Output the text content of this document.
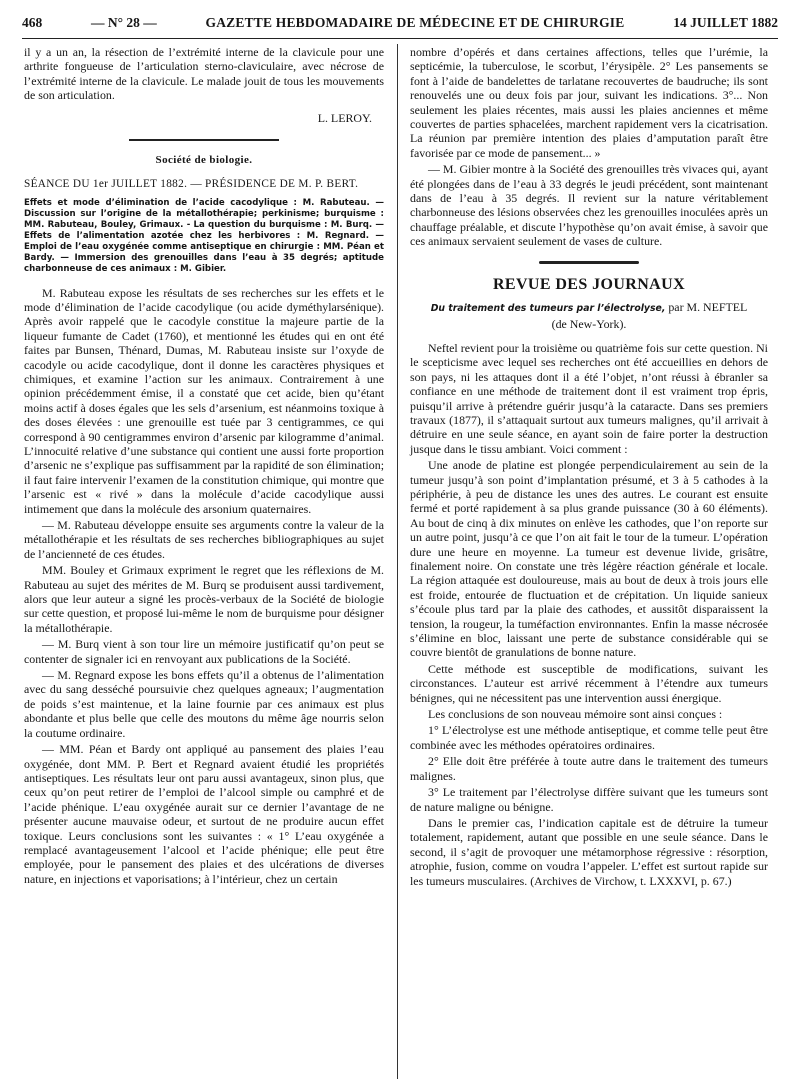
468	— N° 28 —	GAZETTE HEBDOMADAIRE DE MÉDECINE ET DE CHIRURGIE	14 JUILLET 1882

il y a un an, la résection de l’extrémité interne de la clavicule pour une arthrite fongueuse de l’articulation sterno-claviculaire, avec nécrose de l’extrémité interne de la clavicule. Le malade jouit de tous les mouvements de son articulation.

L. LEROY.

Société de biologie.

SÉANCE DU 1er JUILLET 1882. — PRÉSIDENCE DE M. P. BERT.

Effets et mode d’élimination de l’acide cacodylique : M. Rabuteau. — Discussion sur l’origine de la métallothérapie; perkinisme; burquisme : MM. Rabuteau, Bouley, Grimaux. - La question du burquisme : M. Burq. — Effets de l’alimentation azotée chez les herbivores : M. Regnard. — Emploi de l’eau oxygénée comme antiseptique en chirurgie : MM. Péan et Bardy. — Immersion des grenouilles dans l’eau à 35 degrés; aptitude charbonneuse de ces animaux : M. Gibier.

M. Rabuteau expose les résultats de ses recherches sur les effets et le mode d’élimination de l’acide cacodylique (ou acide dyméthylarsénique). Après avoir rappelé que le cacodyle constitue la majeure partie de la liqueur fumante de Cadet (1760), et mentionné les études qui en ont été faites par Bunsen, Thénard, Dumas, M. Rabuteau insiste sur l’oxyde de cacodyle ou acide cacodylique, dont il donne les caractères physiques et chimiques, et examine l’action sur les animaux. Contrairement à une opinion précédemment émise, il a constaté que cet acide, bien qu’étant moins actif à doses égales que les sels d’arsenium, est néanmoins toxique à des doses élevées : une grenouille est tuée par 3 centigrammes, ce qui correspond à 90 centigrammes environ d’arsenic par kilogramme d’animal. L’innocuité relative d’une substance qui contient une aussi forte proportion d’arsenic ne s’explique pas suffisamment par la rapidité de son élimination; il faut faire intervenir l’examen de la constitution chimique, qui montre que l’arsenic est « rivé » dans la molécule d’acide cacodylique aussi intimement que dans la molécule des arsonium quaternaires.

— M. Rabuteau développe ensuite ses arguments contre la valeur de la métallothérapie et les résultats de ses recherches bibliographiques au sujet de l’ancienneté de ces études.

MM. Bouley et Grimaux expriment le regret que les réflexions de M. Rabuteau au sujet des mérites de M. Burq se produisent aussi tardivement, alors que leur auteur a signé les procès-verbaux de la Société de biologie sur cette question, et proposé lui-même le nom de burquisme pour désigner la métallothérapie.

— M. Burq vient à son tour lire un mémoire justificatif qu’on peut se contenter de signaler ici en renvoyant aux publications de la Société.

— M. Regnard expose les bons effets qu’il a obtenus de l’alimentation avec du sang desséché poursuivie chez quelques agneaux; l’augmentation de poids s’est maintenue, et la laine fournie par ces animaux est plus abondante et plus belle que celle des moutons du même âge nourris selon la coutume ordinaire.

— MM. Péan et Bardy ont appliqué au pansement des plaies l’eau oxygénée, dont MM. P. Bert et Regnard avaient étudié les propriétés antiseptiques. Les résultats leur ont paru aussi avantageux, sinon plus, que ceux qu’on peut retirer de l’emploi de l’alcool simple ou camphré et de l’acide phénique. L’eau oxygénée aurait sur ce dernier l’avantage de ne présenter aucune mauvaise odeur, et surtout de ne produire aucun effet toxique. Leurs conclusions sont les suivantes : « 1° L’eau oxygénée a remplacé avantageusement l’alcool et l’acide phénique; elle peut être employée, pour le pansement des plaies et des ulcérations de diverses nature, en injections et vaporisations; à l’intérieur, chez un certain

nombre d’opérés et dans certaines affections, telles que l’urémie, la septicémie, la tuberculose, le scorbut, l’érysipèle. 2° Les pansements se font à l’aide de bandelettes de tarlatane recouvertes de baudruche; ils sont renouvelés une ou deux fois par jour, suivant les indications. 3°... Non seulement les plaies récentes, mais aussi les plaies anciennes et même couvertes de parties sphacelées, marchent rapidement vers la cicatrisation. La réunion par première intention des plaies d’amputation paraît être favorisée par ce mode de pansement... »

— M. Gibier montre à la Société des grenouilles très vivaces qui, ayant été plongées dans de l’eau à 33 degrés le jeudi précédent, sont maintenant dans de l’eau à 35 degrés. Il revient sur la nature véritablement charbonneuse des lésions observées chez les grenouilles inoculées après un chauffage préalable, et discute l’hypothèse qu’on avait émise, à savoir que ces animaux servaient seulement de vases de culture.

REVUE DES JOURNAUX

Du traitement des tumeurs par l’électrolyse, par M. NEFTEL
(de New-York).

Neftel revient pour la troisième ou quatrième fois sur cette question. Ni le scepticisme avec lequel ses recherches ont été accueillies en dehors de son pays, ni les attaques dont il a été l’objet, n’ont réussi à ébranler sa confiance en une méthode de traitement dont il est vraiment trop épris, puisqu’il arrive à prétendre guérir jusqu’à la cataracte. Dans ses premiers travaux (1877), il s’attaquait surtout aux tumeurs malignes, qu’il arrivait à détruire en une seule séance, en ayant soin de faire porter la destruction jusque dans le tissu ambiant. Voici comment :

Une anode de platine est plongée perpendiculairement au sein de la tumeur jusqu’à son point d’implantation présumé, et 3 à 5 cathodes à la périphérie, à peu de distance les unes des autres. Le courant est ensuite fermé et porté rapidement à sa plus grande puissance (30 à 60 éléments). Au bout de cinq à dix minutes on enlève les cathodes, que l’on reporte sur un autre point, jusqu’à ce que l’on ait fait le tour de la tumeur. L’opération dure une heure en moyenne. La tumeur est devenue livide, grisâtre, finalement noire. On constate une très légère réaction générale et locale. La région attaquée est douloureuse, mais au bout de deux à trois jours elle est froide, entourée de fluctuation et de crépitation. Un liquide sanieux s’écoule plus tard par la plaie des cathodes, et aussitôt disparaissent la tension, la rougeur, la tuméfaction environnantes. Enfin la masse nécrosée s’élimine en bloc, laissant une perte de substance considérable qui se couvre bientôt de granulations de bonne nature.

Cette méthode est susceptible de modifications, suivant les circonstances. L’auteur est arrivé récemment à l’étendre aux tumeurs bénignes, qui ne nécessitent pas une intervention aussi énergique.

Les conclusions de son nouveau mémoire sont ainsi conçues :

1° L’électrolyse est une méthode antiseptique, et comme telle peut être combinée avec les méthodes opératoires ordinaires.

2° Elle doit être préférée à toute autre dans le traitement des tumeurs malignes.

3° Le traitement par l’électrolyse diffère suivant que les tumeurs sont de nature maligne ou bénigne.

Dans le premier cas, l’indication capitale est de détruire la tumeur totalement, rapidement, autant que possible en une seule séance. Dans le second, il s’agit de provoquer une métamorphose régressive : résorption, atrophie, fusion, comme on voudra l’appeler. L’effet est surtout rapide sur les tumeurs musculaires. (Archives de Virchow, t. LXXXVI, p. 67.)
